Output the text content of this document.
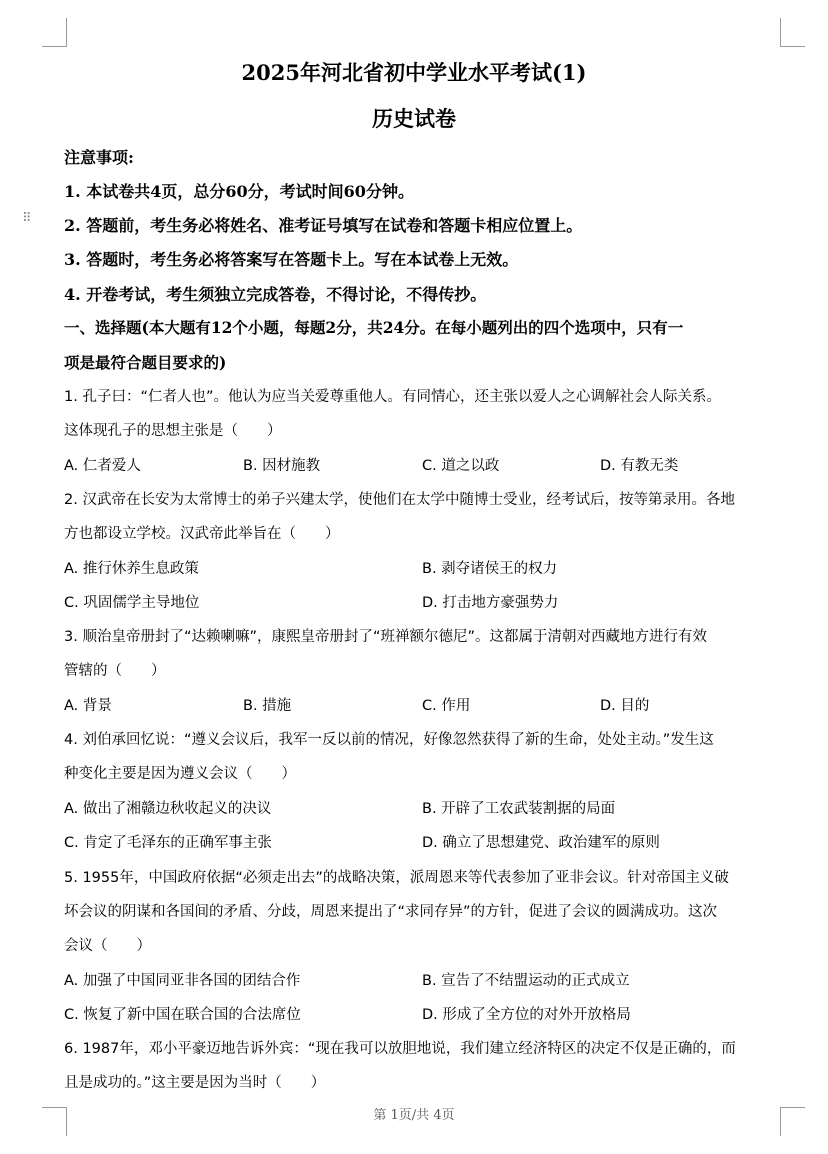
⠿
2025年河北省初中学业水平考试(1)
历史试卷
注意事项:
1. 本试卷共4页，总分60分，考试时间60分钟。
2. 答题前，考生务必将姓名、准考证号填写在试卷和答题卡相应位置上。
3. 答题时，考生务必将答案写在答题卡上。写在本试卷上无效。
4. 开卷考试，考生须独立完成答卷，不得讨论，不得传抄。
一、选择题(本大题有12个小题，每题2分，共24分。在每小题列出的四个选项中，只有一
项是最符合题目要求的)
1. 孔子曰：“仁者人也”。他认为应当关爱尊重他人。有同情心，还主张以爱人之心调解社会人际关系。
这体现孔子的思想主张是（　　）
A. 仁者爱人	B. 因材施教	C. 道之以政	D. 有教无类
2. 汉武帝在长安为太常博士的弟子兴建太学，使他们在太学中随博士受业，经考试后，按等第录用。各地
方也都设立学校。汉武帝此举旨在（　　）
A. 推行休养生息政策	B. 剥夺诸侯王的权力
C. 巩固儒学主导地位	D. 打击地方豪强势力
3. 顺治皇帝册封了“达赖喇嘛”，康熙皇帝册封了“班禅额尔德尼”。这都属于清朝对西藏地方进行有效
管辖的（　　）
A. 背景	B. 措施	C. 作用	D. 目的
4. 刘伯承回忆说：“遵义会议后，我军一反以前的情况，好像忽然获得了新的生命，处处主动。”发生这
种变化主要是因为遵义会议（　　）
A. 做出了湘赣边秋收起义的决议	B. 开辟了工农武装割据的局面
C. 肯定了毛泽东的正确军事主张	D. 确立了思想建党、政治建军的原则
5. 1955年，中国政府依据“必须走出去”的战略决策，派周恩来等代表参加了亚非会议。针对帝国主义破
坏会议的阴谋和各国间的矛盾、分歧，周恩来提出了“求同存异”的方针，促进了会议的圆满成功。这次
会议（　　）
A. 加强了中国同亚非各国的团结合作	B. 宣告了不结盟运动的正式成立
C. 恢复了新中国在联合国的合法席位	D. 形成了全方位的对外开放格局
6. 1987年，邓小平豪迈地告诉外宾：“现在我可以放胆地说，我们建立经济特区的决定不仅是正确的，而
且是成功的。”这主要是因为当时（　　）
第 1页/共 4页
